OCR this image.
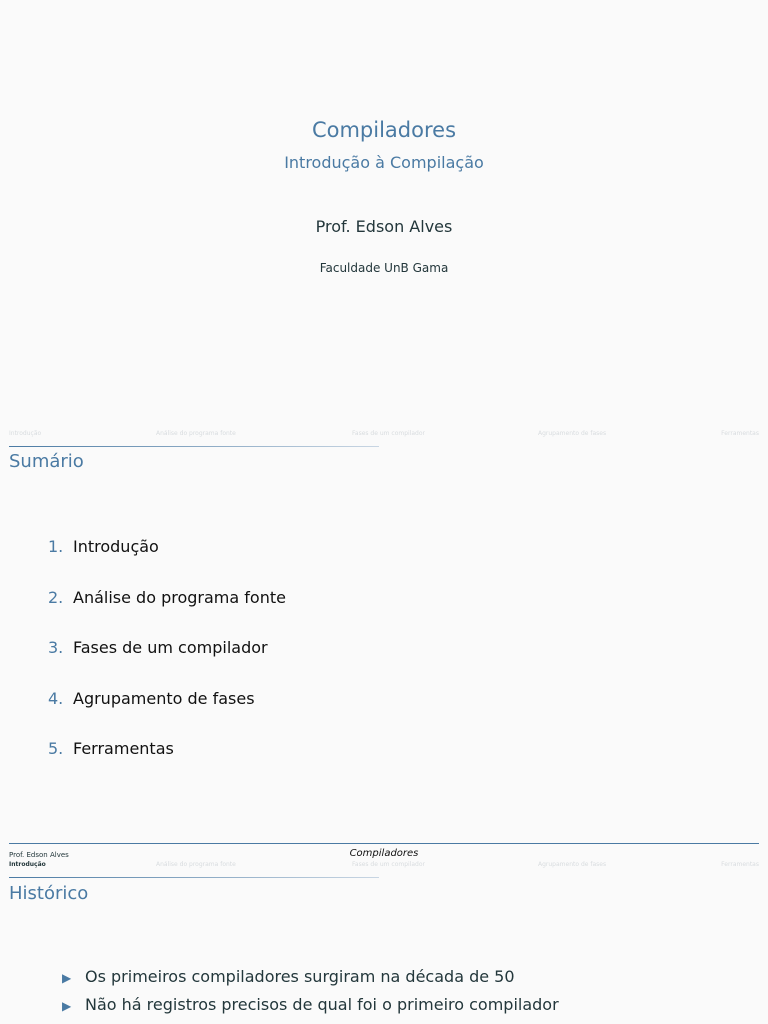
Compiladores
Introdução à Compilação
Prof. Edson Alves
Faculdade UnB Gama
Introdução	Análise do programa fonte	Fases de um compilador	Agrupamento de fases	Ferramentas
Sumário
1. Introdução
2. Análise do programa fonte
3. Fases de um compilador
4. Agrupamento de fases
5. Ferramentas
Prof. Edson Alves	Compiladores
Introdução	Análise do programa fonte	Fases de um compilador	Agrupamento de fases	Ferramentas
Histórico
▶ Os primeiros compiladores surgiram na década de 50
▶ Não há registros precisos de qual foi o primeiro compilador
